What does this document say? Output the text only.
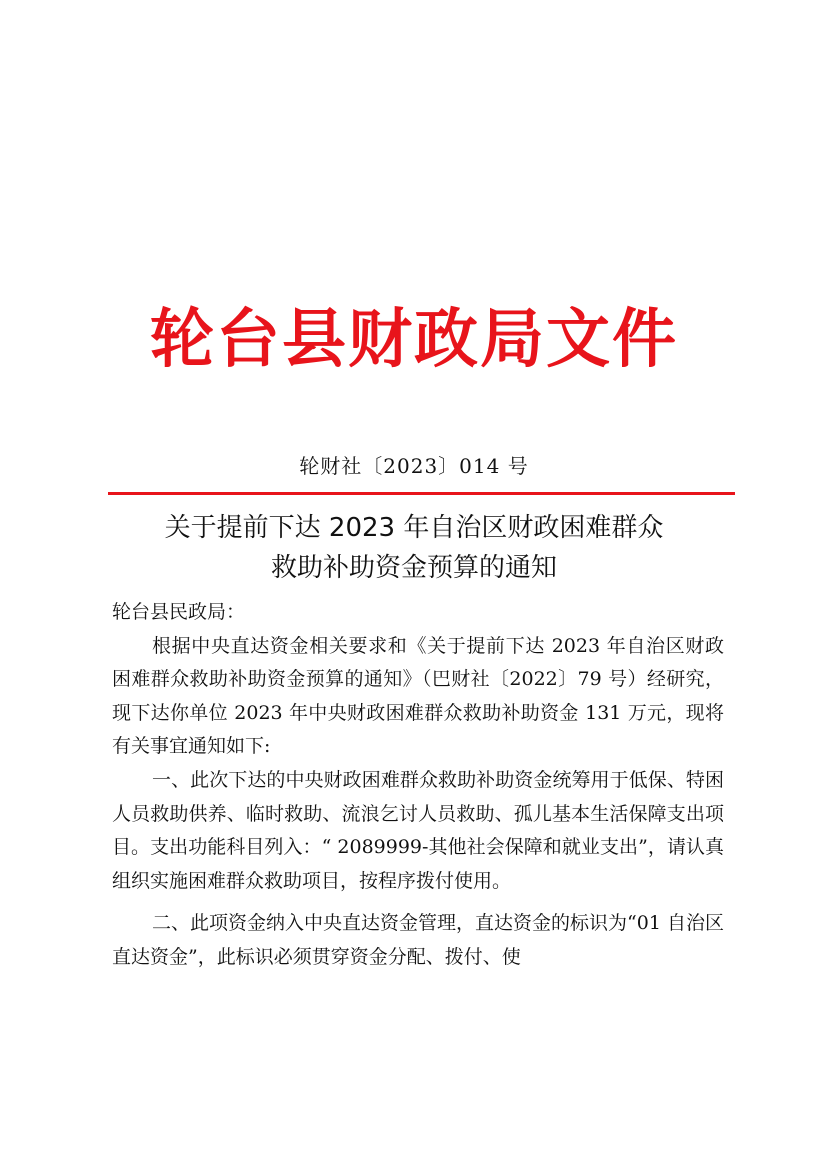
轮台县财政局文件
轮财社〔2023〕014 号
关于提前下达 2023 年自治区财政困难群众
救助补助资金预算的通知

轮台县民政局：

根据中央直达资金相关要求和《关于提前下达 2023 年自治区财政困难群众救助补助资金预算的通知》（巴财社〔2022〕79 号）经研究，现下达你单位 2023 年中央财政困难群众救助补助资金 131 万元，现将有关事宜通知如下:

一、此次下达的中央财政困难群众救助补助资金统筹用于低保、特困人员救助供养、临时救助、流浪乞讨人员救助、孤儿基本生活保障支出项目。支出功能科目列入：“ 2089999-其他社会保障和就业支出”，请认真组织实施困难群众救助项目，按程序拨付使用。

二、此项资金纳入中央直达资金管理，直达资金的标识为“01 自治区直达资金”，此标识必须贯穿资金分配、拨付、使
